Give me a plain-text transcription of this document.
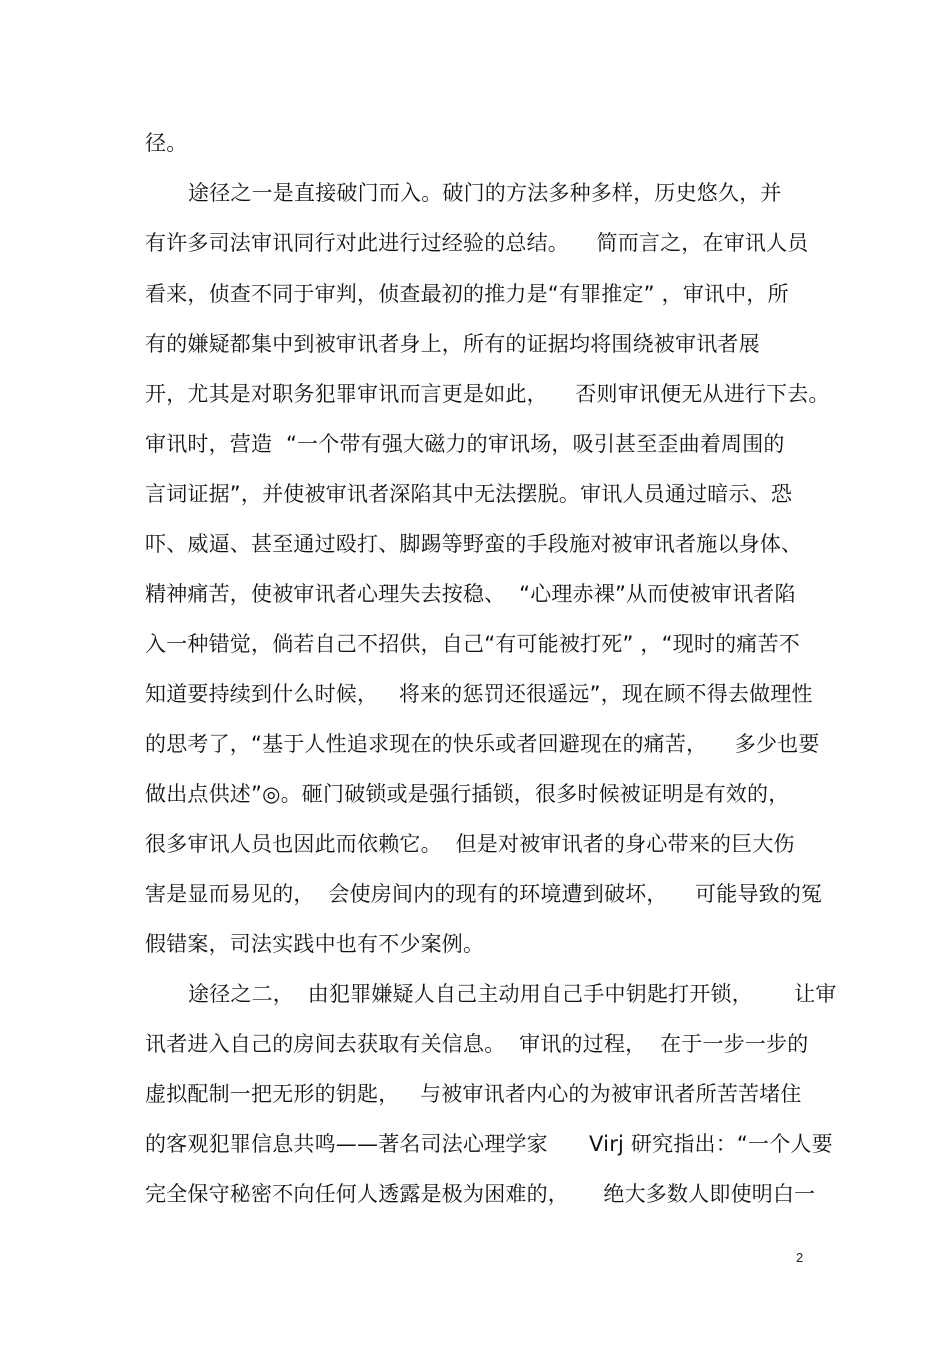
径。
途径之一是直接破门而入。破门的方法多种多样，历史悠久，并
有许多司法审讯同行对此进行过经验的总结。    简而言之，在审讯人员
看来，侦查不同于审判，侦查最初的推力是“有罪推定” ，审讯中，所
有的嫌疑都集中到被审讯者身上，所有的证据均将围绕被审讯者展
开，尤其是对职务犯罪审讯而言更是如此，    否则审讯便无从进行下去。
审讯时，营造  “一个带有强大磁力的审讯场，吸引甚至歪曲着周围的
言词证据”，并使被审讯者深陷其中无法摆脱。审讯人员通过暗示、恐
吓、威逼、甚至通过殴打、脚踢等野蛮的手段施对被审讯者施以身体、
精神痛苦，使被审讯者心理失去按稳、  “心理赤裸”从而使被审讯者陷
入一种错觉，倘若自己不招供，自己“有可能被打死” ，“现时的痛苦不
知道要持续到什么时候，   将来的惩罚还很遥远”，现在顾不得去做理性
的思考了，“基于人性追求现在的快乐或者回避现在的痛苦，    多少也要
做出点供述”◎。砸门破锁或是强行插锁，很多时候被证明是有效的，
很多审讯人员也因此而依赖它。  但是对被审讯者的身心带来的巨大伤
害是显而易见的，  会使房间内的现有的环境遭到破坏，    可能导致的冤
假错案，司法实践中也有不少案例。
途径之二，  由犯罪嫌疑人自己主动用自己手中钥匙打开锁，      让审
讯者进入自己的房间去获取有关信息。  审讯的过程，  在于一步一步的
虚拟配制一把无形的钥匙，   与被审讯者内心的为被审讯者所苦苦堵住
的客观犯罪信息共鸣——著名司法心理学家      Virj 研究指出：“一个人要
完全保守秘密不向任何人透露是极为困难的，     绝大多数人即使明白一
2
